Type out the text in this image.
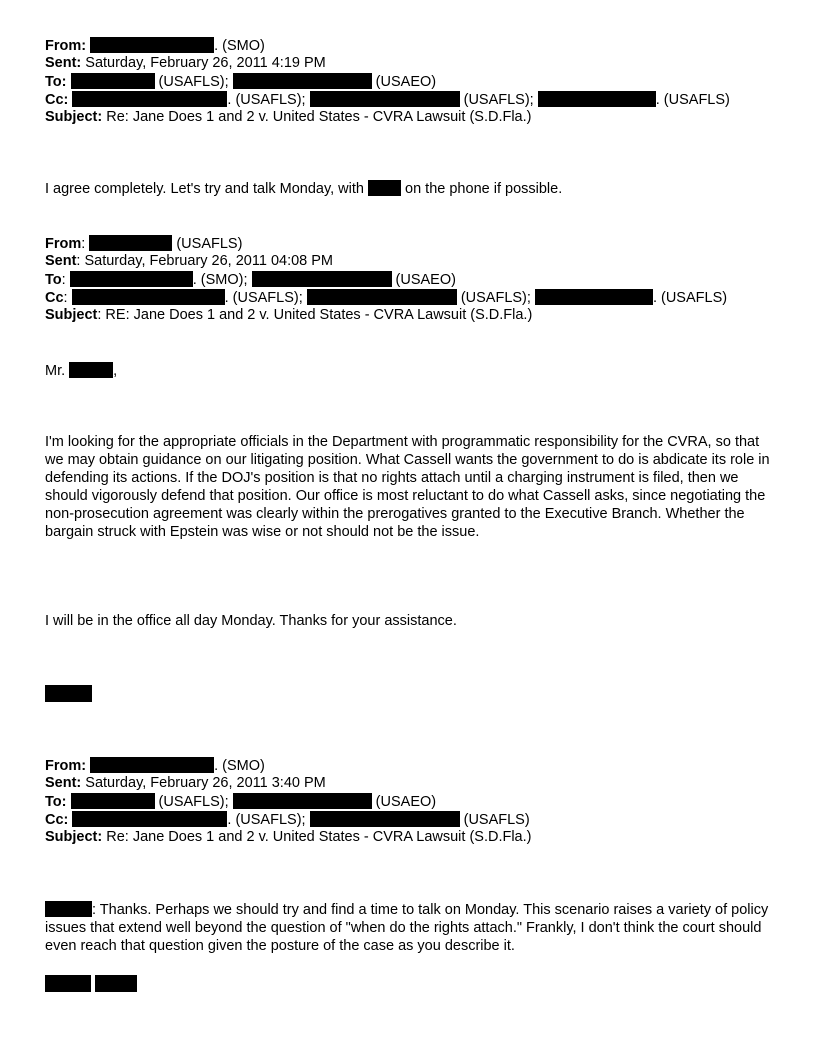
From:	. (SMO)
Sent: Saturday, February 26, 2011 4:19 PM
To:	(USAFLS);	(USAEO)
Cc:	. (USAFLS);	(USAFLS);	. (USAFLS)
Subject: Re: Jane Does 1 and 2 v. United States - CVRA Lawsuit (S.D.Fla.)
I agree completely. Let's try and talk Monday, with  on the phone if possible.
From:	(USAFLS)
Sent: Saturday, February 26, 2011 04:08 PM
To:	. (SMO);	(USAEO)
Cc:	. (USAFLS);	(USAFLS);	. (USAFLS)
Subject: RE: Jane Does 1 and 2 v. United States - CVRA Lawsuit (S.D.Fla.)
Mr.	,
I'm looking for the appropriate officials in the Department with programmatic responsibility for the CVRA, so that we may obtain guidance on our litigating position. What Cassell wants the government to do is abdicate its role in defending its actions. If the DOJ's position is that no rights attach until a charging instrument is filed, then we should vigorously defend that position. Our office is most reluctant to do what Cassell asks, since negotiating the non-prosecution agreement was clearly within the prerogatives granted to the Executive Branch. Whether the bargain struck with Epstein was wise or not should not be the issue.
I will be in the office all day Monday. Thanks for your assistance.
From:	. (SMO)
Sent: Saturday, February 26, 2011 3:40 PM
To:	(USAFLS);	(USAEO)
Cc:	. (USAFLS);	(USAFLS)
Subject: Re: Jane Does 1 and 2 v. United States - CVRA Lawsuit (S.D.Fla.)
: Thanks. Perhaps we should try and find a time to talk on Monday. This scenario raises a variety of policy issues that extend well beyond the question of "when do the rights attach." Frankly, I don't think the court should even reach that question given the posture of the case as you describe it.
